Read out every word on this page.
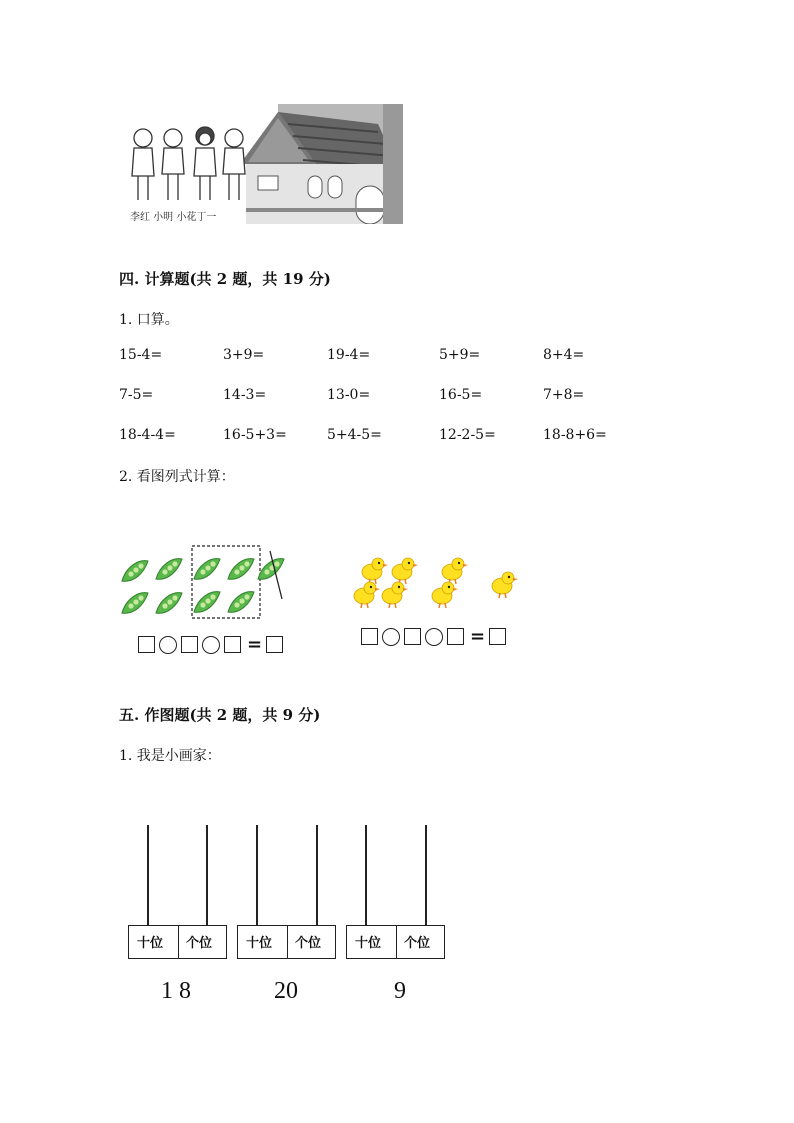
李红 小明 小花丁一
四. 计算题(共 2 题，共 19 分)
1. 口算。
15-4=	3+9=	19-4=	5+9=	8+4=
7-5=	14-3=	13-0=	16-5=	7+8=
18-4-4=	16-5+3=	5+4-5=	12-2-5=	18-8+6=
2. 看图列式计算：
=	=
五. 作图题(共 2 题，共 9 分)
1. 我是小画家：
十位 个位
1 8
十位 个位
20
十位 个位
9
